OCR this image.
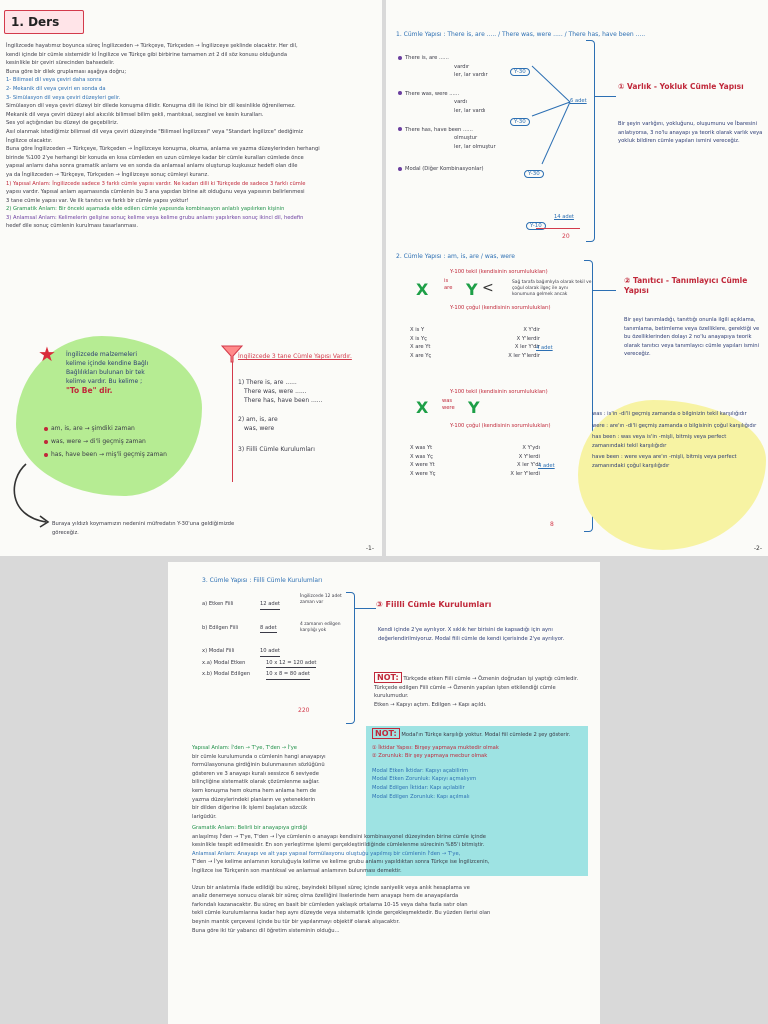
1. Ders
İngilizcede hayatımız boyunca süreç İngilizceden → Türkçeye, Türkçeden → İngilizceye şeklinde olacaktır. Her dil,
kendi içinde bir cümle sistemidir ki İngilizce ve Türkçe gibi birbirine tamamen zıt 2 dil söz konusu olduğunda
kesinlikle bir çeviri sürecinden bahsedelir.
Buna göre bir dilek gruplaması aşağıya doğru;
1- Bilimsel dil veya çeviri daha sonra
2- Mekanik dil veya çeviri en sonda da
3- Simülasyon dil veya çeviri düzeyleri gelir.
Simülasyon dil veya çeviri düzeyi bir dilede konuşma dilidir. Konuşma dili ile ikinci bir dil kesinlikle öğrenilemez.
Mekanik dil veya çeviri düzeyi akıl akıcılık bilimsel bilim şekli, mantıksal, sezgisel ve kesin kuralları.
Ses yol açtığından bu düzeyi de geçebiliriz.
Asıl olanmak istediğimiz bilimsel dil veya çeviri düzeyinde "Bilimsel İngilizcesi" veya "Standart İngilizce" dediğimiz
İngilizce olacaktır.
Buna göre İngilizceden → Türkçeye, Türkçeden → İngilizceye konuşma, okuma, anlama ve yazma düzeylerinden herhangi
birinde %100 2'ye herhangi bir konuda en kısa cümleden en uzun cümleye kadar bir cümle kuralları cümlede önce
yapısal anlamı daha sonra gramatik anlamı ve en sonda da anlamsal anlamı oluşturup kuşkusuz hedefi olan dile
ya da İngilizceden → Türkçeye, Türkçeden → İngilizceye sonuç cümleyi kurarız.
1) Yapısal Anlam: İngilizcede sadece 3 farklı cümle yapısı vardır. Ne kadarı dilli ki Türkçede de sadece 3 farklı cümle
yapısı vardır. Yapısal anlam aşamasında cümlenin bu 3 ana yapıdan birine ait olduğunu veya yapısının belirlenmesi
3 tane cümle yapısı var. Ve ilk tanıtıcı ve farklı bir cümle yapısı yoktur!
2) Gramatik Anlam: Bir önceki aşamada elde edilen cümle yapısında kombinasyon anlatılı yapılırken kişinin
3) Anlamsal Anlam: Kelimelerin gelişine sonuç kelime veya kelime grubu anlamı yapılırken sonuç ikinci dil, hedefin
hedef dile sonuç cümlenin kurulması tasarlanması.
★ İngilizcede malzemeleri
kelime içinde kendine Bağlı
Bağlılıkları bulunan bir tek
kelime vardır. Bu kelime ;
"To Be" dir.
am, is, are → şimdiki zaman
was, were → di'li geçmiş zaman
has, have been → miş'li geçmiş zaman
Buraya yıldızlı koymamızın nedenini müfredatın Y-30'una geldiğimizde göreceğiz.
İngilizcede 3 tane Cümle Yapısı Vardır.
1) There is, are ......
There was, were ......
There has, have been ......
2) am, is, are
was, were
3) Fiilli Cümle Kurulumları
-1-
1. Cümle Yapısı : There is, are ..... / There was, were ..... / There has, have been .....
There is, are ......
vardır
ler, lar vardır
There was, were ......
vardı
ler, lar vardı
There has, have been ......
olmuştur
ler, lar olmuştur
Modal (Diğer Kombinasyonlar)
Y-30
Y-30
Y-30
Y-10
14 adet
6 adet
20
① Varlık - Yokluk Cümle Yapısı
Bir şeyin varlığını, yokluğunu, oluşumunu ve İbaresini anlatıyorsa, 3 no'lu anayapı ya teorik olarak varlık veya yokluk bildiren cümle yapıları ismini vereceğiz.
2. Cümle Yapısı : am, is, are / was, were
Y-100 tekil (kendisinin sorumlulukları)
X	is
are Y <	Sağ tarafa bağımlıyla olarak tekil ve çoğul olarak ilgeç ile aynı konumuna gelmek ancak
Y-100 çoğul (kendisinin sorumlulukları)
X is Y	X Y'dir
X is Yç	X Y'lerdir
X are Yt	X ler Y'dir
X are Yç	X ler Y'lerdir
4 adet
Y-100 tekil (kendisinin sorumlulukları)
X	was
were Y
Y-100 çoğul (kendisinin sorumlulukları)
X was Yt	X Y'ydı
X was Yç	X Y'lerdi
X were Yt	X ler Y'di
X were Yç	X ler Y'lerdi
4 adet
8
② Tanıtıcı - Tanımlayıcı Cümle Yapısı
Bir şeyi tanımladığı, tanıttığı onunla ilgili açıklama, tanımlama, betimleme veya özelliklere, gerektiği ve bu özelliklerinden dolayı 2 no'lu anayapıya teorik olarak tanıtıcı veya tanımlayıcı cümle yapıları ismini vereceğiz.
was : is'in -di'li geçmiş zamanda o bilginizin tekil karşılığıdır
were : are'ın -di'li geçmiş zamanda o bilgisinin çoğul karşılığıdır
has been : was veya is'in -mişli, bitmiş veya perfect zamanındaki tekil karşılığıdır
have been : were veya are'ın -mişli, bitmiş veya perfect zamanındaki çoğul karşılığıdır
-2-
3. Cümle Yapısı : Fiilli Cümle Kurulumları
a) Etken Fiili	12 adet
b) Edilgen Fiili	8 adet
x) Modal Fiili	10 adet
x.a) Modal Etken	10 x 12 = 120 adet
x.b) Modal Edilgen	10 x 8 = 80 adet
İngilizcede 12 adet zaman var
4 zamanın edilgen karşılığı yok
220
③ Fiilli Cümle Kurulumları
Kendi içinde 2'ye ayrılıyor. X sıklık her birisini de kapsadığı için aynı değerlendirilmiyoruz. Modal fiili cümle de kendi içerisinde 2'ye ayrılıyor.
NOT: Türkçede etken Fiili cümle → Öznenin doğrudan işi yaptığı cümledir. Türkçede edilgen Fiili cümle → Öznenin yapılan işten etkilendiği cümle kurulumudur.
Etken → Kapıyı açtım. Edilgen → Kapı açıldı.
NOT: Modal'ın Türkçe karşılığı yoktur. Modal fiil cümlede 2 şey gösterir.
① İktidar Yapısı: Birşey yapmaya muktedir olmak
② Zorunluk: Bir şey yapmaya mecbur olmak
Modal Etken İktidar: Kapıyı açabilirim
Modal Etken Zorunluk: Kapıyı açmalıyım
Modal Edilgen İktidar: Kapı açılabilir
Modal Edilgen Zorunluk: Kapı açılmalı
Yapısal Anlam: İ'den → T'ye, T'den → İ'ye
bir cümle kurulumunda o cümlenin hangi anayapıyı
formülasyonuna girdiğinin bulunmasının sözlüğünü
gösteren ve 3 anayapı kuralı sessizce 6 seviyede
bilinçliğine sistematik olarak çözümlenme sağlar.
kem konuşma hem okuma hem anlama hem de
yazma düzeylerindeki planların ve yeteneklerin
bir dilden diğerine ilk işlemi başlatan sözcük
larigüdür.
Gramatik Anlam: Belirli bir anayapıya girdiği
anlaşılmış İ'den → T'ye, T'den → İ'ye cümlenin o anayapı kendisini kombinasyonel düzeyinden birine cümle içinde
kesinlikle tespit edilmesidir. En son yerleştirme işlemi gerçekleştirildiğinde cümlelenme sürecinin %85'i bitmiştir.
Anlamsal Anlam: Anayapı ve alt yapı yapısal formülasyonu oluştuğu yapılmış bir cümlenin İ'den → T'ye,
T'den → İ'ye kelime anlamının koruluğuyla kelime ve kelime grubu anlamı yapıldıktan sonra Türkçe ise İngilizcenin,
İngilizce ise Türkçenin son mantıksal ve anlamsal anlamının bulunması demektir.
Uzun bir anlatımla ifade edildiği bu süreç, beyindeki bilişsel süreç içinde saniyelik veya anlık hesaplama ve
analiz denemeye sonucu olarak bir süreç olma özelliğini liselerinde hem anayapı hem de anayapılarda
farkındalı kazanacaktır. Bu süreç en basit bir cümleden yaklaşık ortalama 10-15 veya daha fazla satır olan
tekli cümle kurulumlarına kadar hep aynı düzeyde veya sistematik içinde gerçekleşmektedir. Bu yüzden ilerisi olan
beynin mantık çerçevesi içinde bu tür bir yapılanmayı objektif olarak alışacaktır.
Buna göre iki tür yabancı dil öğretim sisteminin olduğu...
